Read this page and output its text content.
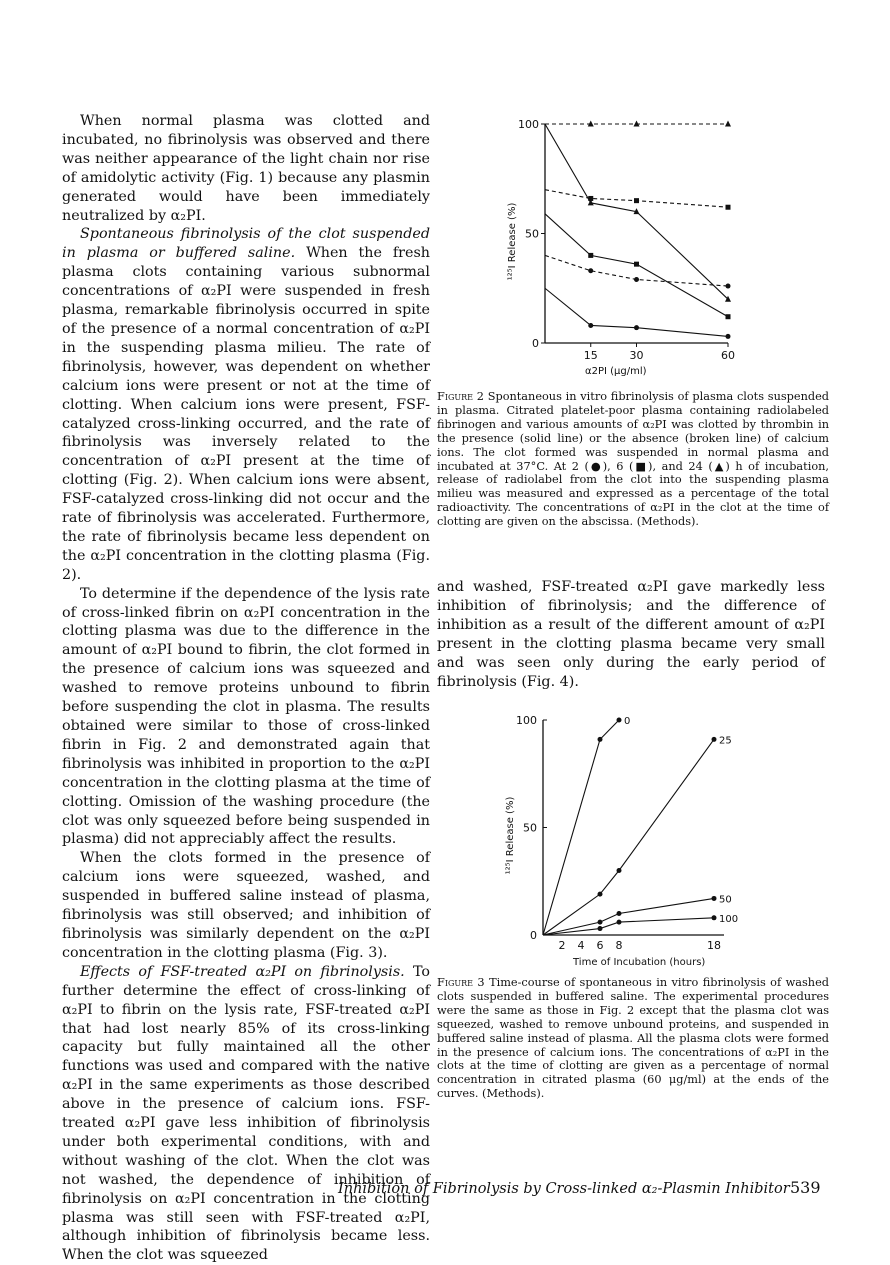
When normal plasma was clotted and incubated, no fibrinolysis was observed and there was neither appearance of the light chain nor rise of amidolytic activity (Fig. 1) because any plasmin generated would have been immediately neutralized by α₂PI.

Spontaneous fibrinolysis of the clot suspended in plasma or buffered saline. When the fresh plasma clots containing various subnormal concentrations of α₂PI were suspended in fresh plasma, remarkable fibrinolysis occurred in spite of the presence of a normal concentration of α₂PI in the suspending plasma milieu. The rate of fibrinolysis, however, was dependent on whether calcium ions were present or not at the time of clotting. When calcium ions were present, FSF-catalyzed cross-linking occurred, and the rate of fibrinolysis was inversely related to the concentration of α₂PI present at the time of clotting (Fig. 2). When calcium ions were absent, FSF-catalyzed cross-linking did not occur and the rate of fibrinolysis was accelerated. Furthermore, the rate of fibrinolysis became less dependent on the α₂PI concentration in the clotting plasma (Fig. 2).

To determine if the dependence of the lysis rate of cross-linked fibrin on α₂PI concentration in the clotting plasma was due to the difference in the amount of α₂PI bound to fibrin, the clot formed in the presence of calcium ions was squeezed and washed to remove proteins unbound to fibrin before suspending the clot in plasma. The results obtained were similar to those of cross-linked fibrin in Fig. 2 and demonstrated again that fibrinolysis was inhibited in proportion to the α₂PI concentration in the clotting plasma at the time of clotting. Omission of the washing procedure (the clot was only squeezed before being suspended in plasma) did not appreciably affect the results.

When the clots formed in the presence of calcium ions were squeezed, washed, and suspended in buffered saline instead of plasma, fibrinolysis was still observed; and inhibition of fibrinolysis was similarly dependent on the α₂PI concentration in the clotting plasma (Fig. 3).

Effects of FSF-treated α₂PI on fibrinolysis. To further determine the effect of cross-linking of α₂PI to fibrin on the lysis rate, FSF-treated α₂PI that had lost nearly 85% of its cross-linking capacity but fully maintained all the other functions was used and compared with the native α₂PI in the same experiments as those described above in the presence of calcium ions. FSF-treated α₂PI gave less inhibition of fibrinolysis under both experimental conditions, with and without washing of the clot. When the clot was not washed, the dependence of inhibition of fibrinolysis on α₂PI concentration in the clotting plasma was still seen with FSF-treated α₂PI, although inhibition of fibrinolysis became less. When the clot was squeezed

0
50
100
15	30	60
α2PI (μg/ml)
¹²⁵I Release (%)
Figure 2 Spontaneous in vitro fibrinolysis of plasma clots suspended in plasma. Citrated platelet-poor plasma containing radiolabeled fibrinogen and various amounts of α₂PI was clotted by thrombin in the presence (solid line) or the absence (broken line) of calcium ions. The clot formed was suspended in normal plasma and incubated at 37°C. At 2 (●), 6 (■), and 24 (▲) h of incubation, release of radiolabel from the clot into the suspending plasma milieu was measured and expressed as a percentage of the total radioactivity. The concentrations of α₂PI in the clot at the time of clotting are given on the abscissa. (Methods).

and washed, FSF-treated α₂PI gave markedly less inhibition of fibrinolysis; and the difference of inhibition as a result of the different amount of α₂PI present in the clotting plasma became very small and was seen only during the early period of fibrinolysis (Fig. 4).

0
50
100
2 4 6 8	18
Time of Incubation (hours)
¹²⁵I Release (%)
0
25
50
100
Figure 3 Time-course of spontaneous in vitro fibrinolysis of washed clots suspended in buffered saline. The experimental procedures were the same as those in Fig. 2 except that the plasma clot was squeezed, washed to remove unbound proteins, and suspended in buffered saline instead of plasma. All the plasma clots were formed in the presence of calcium ions. The concentrations of α₂PI in the clots at the time of clotting are given as a percentage of normal concentration in citrated plasma (60 μg/ml) at the ends of the curves. (Methods).
Inhibition of Fibrinolysis by Cross-linked α₂-Plasmin Inhibitor 539
